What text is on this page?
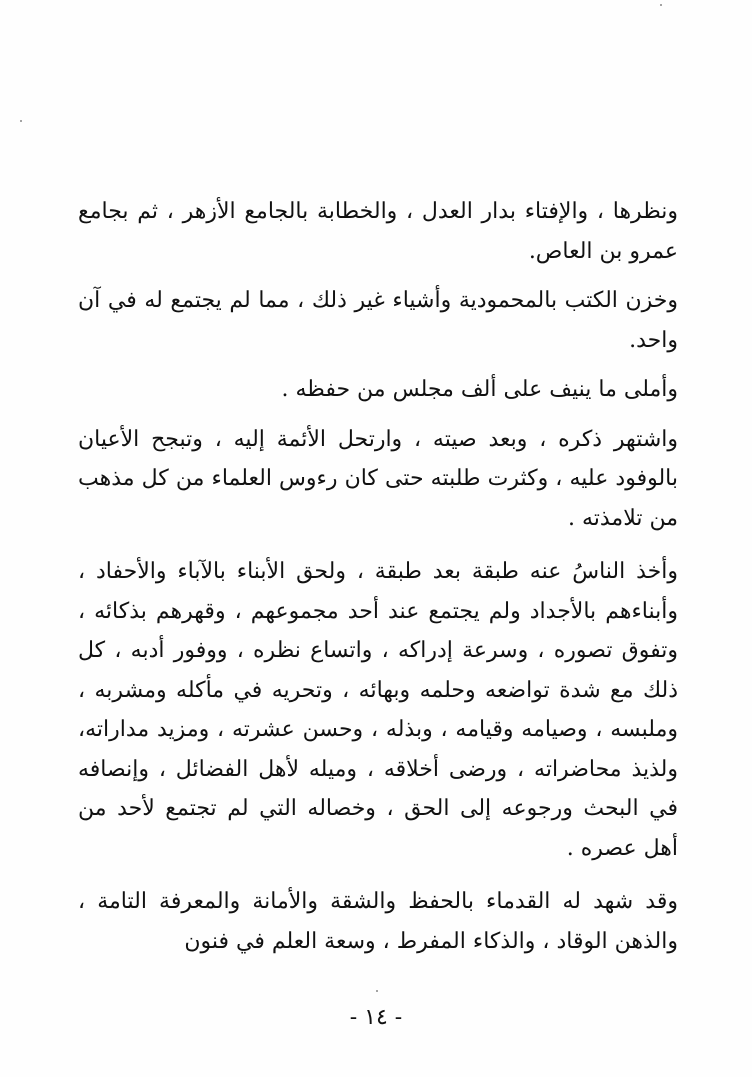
ونظرها ، والإفتاء بدار العدل ، والخطابة بالجامع الأزهر ، ثم بجامع عمرو بن العاص.

وخزن الكتب بالمحمودية وأشياء غير ذلك ، مما لم يجتمع له في آن واحد.

وأملى ما ينيف على ألف مجلس من حفظه .

واشتهر ذكره ، وبعد صيته ، وارتحل الأئمة إليه ، وتبجح الأعيان بالوفود عليه ، وكثرت طلبته حتى كان رءوس العلماء من كل مذهب من تلامذته .

وأخذ الناسُ عنه طبقة بعد طبقة ، ولحق الأبناء بالآباء والأحفاد ، وأبناءهم بالأجداد ولم يجتمع عند أحد مجموعهم ، وقهرهم بذكائه ، وتفوق تصوره ، وسرعة إدراكه ، واتساع نظره ، ووفور أدبه ، كل ذلك مع شدة تواضعه وحلمه وبهائه ، وتحريه في مأكله ومشربه ، وملبسه ، وصيامه وقيامه ، وبذله ، وحسن عشرته ، ومزيد مداراته، ولذيذ محاضراته ، ورضى أخلاقه ، وميله لأهل الفضائل ، وإنصافه في البحث ورجوعه إلى الحق ، وخصاله التي لم تجتمع لأحد من أهل عصره .

وقد شهد له القدماء بالحفظ والشقة والأمانة والمعرفة التامة ، والذهن الوقاد ، والذكاء المفرط ، وسعة العلم في فنون

- ١٤ -
